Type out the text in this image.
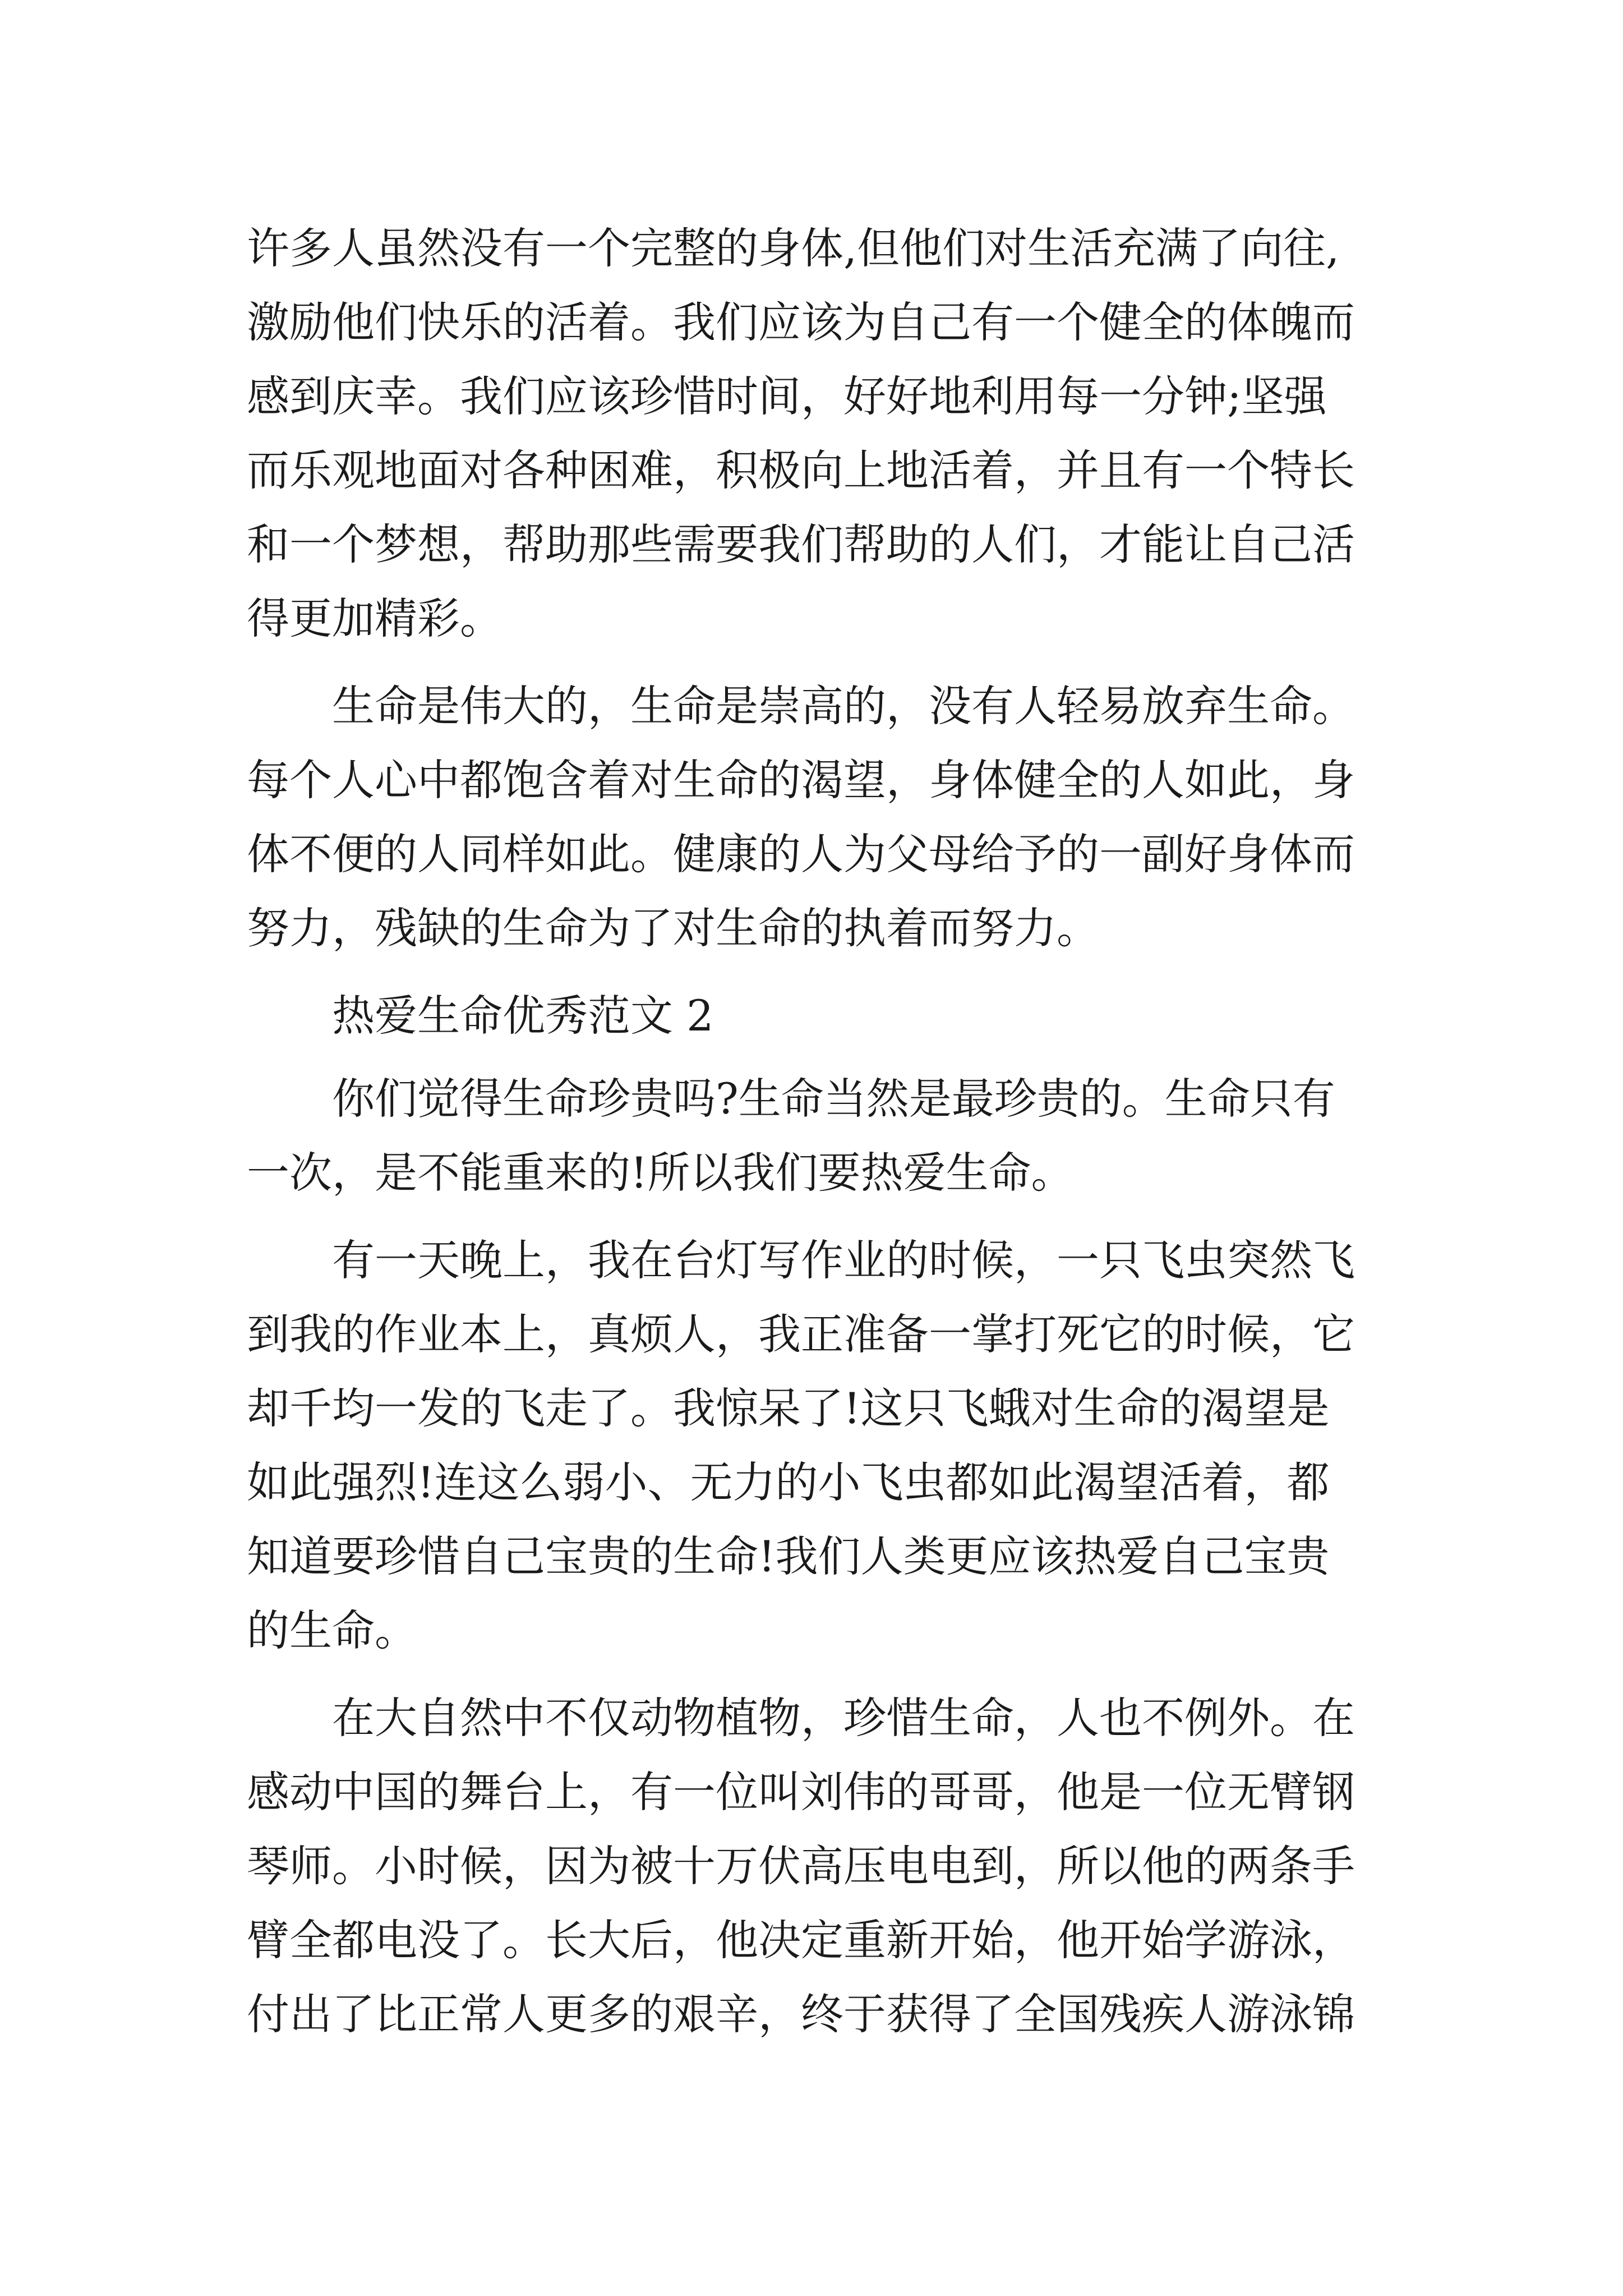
许多人虽然没有一个完整的身体,但他们对生活充满了向往,
激励他们快乐的活着。我们应该为自己有一个健全的体魄而
感到庆幸。我们应该珍惜时间，好好地利用每一分钟;坚强
而乐观地面对各种困难，积极向上地活着，并且有一个特长
和一个梦想，帮助那些需要我们帮助的人们，才能让自己活
得更加精彩。
生命是伟大的，生命是崇高的，没有人轻易放弃生命。
每个人心中都饱含着对生命的渴望，身体健全的人如此，身
体不便的人同样如此。健康的人为父母给予的一副好身体而
努力，残缺的生命为了对生命的执着而努力。
热爱生命优秀范文 2
你们觉得生命珍贵吗?生命当然是最珍贵的。生命只有
一次，是不能重来的!所以我们要热爱生命。
有一天晚上，我在台灯写作业的时候，一只飞虫突然飞
到我的作业本上，真烦人，我正准备一掌打死它的时候，它
却千均一发的飞走了。我惊呆了!这只飞蛾对生命的渴望是
如此强烈!连这么弱小、无力的小飞虫都如此渴望活着，都
知道要珍惜自己宝贵的生命!我们人类更应该热爱自己宝贵
的生命。
在大自然中不仅动物植物，珍惜生命，人也不例外。在
感动中国的舞台上，有一位叫刘伟的哥哥，他是一位无臂钢
琴师。小时候，因为被十万伏高压电电到，所以他的两条手
臂全都电没了。长大后，他决定重新开始，他开始学游泳，
付出了比正常人更多的艰辛，终于获得了全国残疾人游泳锦
